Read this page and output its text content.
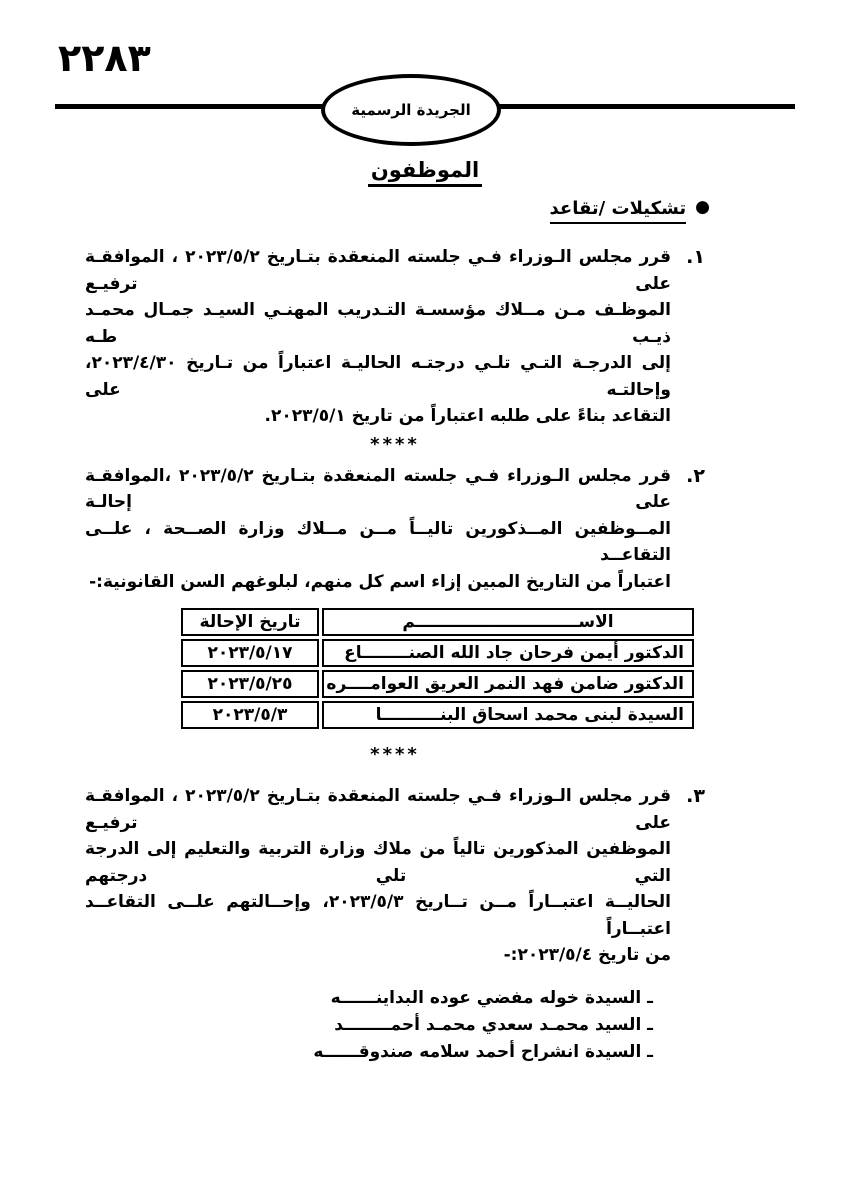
٢٢٨٣
الجريدة الرسمية
الموظفون
●تشكيلات /تقاعد
١.
قرر مجلس الـوزراء فـي جلسته المنعقدة بتـاريخ ٢٠٢٣/٥/٢ ، الموافقـة على ترفيـع
الموظـف مـن مــلاك مؤسسـة التـدريب المهنـي السيـد جمـال محمـد ذيـب طـه
إلى الدرجـة التـي تلـي درجتـه الحاليـة اعتباراً من تـاريخ ٢٠٢٣/٤/٣٠، وإحالتـه على
التقاعد بناءً على طلبه اعتباراً من تاريخ ٢٠٢٣/٥/١.
****
٢.
قرر مجلس الـوزراء فـي جلسته المنعقدة بتـاريخ ٢٠٢٣/٥/٢ ،الموافقـة على إحالـة
المــوظفين المــذكورين تاليــاً مــن مــلاك وزارة الصــحة ، علــى التقاعــد
اعتباراً من التاريخ المبين إزاء اسم كل منهم، لبلوغهم السن القانونية:-
الاســــــــــــــــــــــــــــم	تاريخ الإحالة
الدكتور أيمن فرحان جاد الله الصنــــــــاع	٢٠٢٣/٥/١٧
الدكتور ضامن فهد النمر العريق العوامــــره	٢٠٢٣/٥/٢٥
السيدة لبنى محمد اسحاق البنــــــــــا	٢٠٢٣/٥/٣
****
٣.
قرر مجلس الـوزراء فـي جلسته المنعقدة بتـاريخ ٢٠٢٣/٥/٢ ، الموافقـة على ترفيـع
الموظفين المذكورين تالياً من ملاك وزارة التربية والتعليم إلى الدرجة التي تلي درجتهم
الحاليــة اعتبــاراً مــن تــاريخ ٢٠٢٣/٥/٣، وإحــالتهم علــى التقاعــد اعتبــاراً
من تاريخ ٢٠٢٣/٥/٤:-
ـ السيدة خوله مفضي عوده البداينــــــه
ـ السيد محمـد سعدي محمـد أحمــــــــد
ـ السيدة انشراح أحمد سلامه صندوقــــــه
